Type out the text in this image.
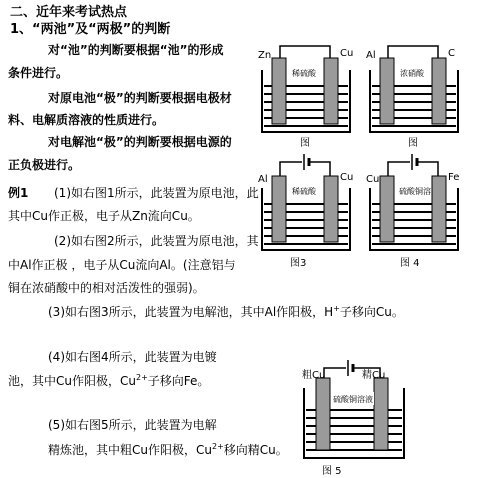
二、近年来考试热点
1、“两池”及“两极”的判断
对“池”的判断要根据“池”的形成
条件进行。
对原电池“极”的判断要根据电极材
料、电解质溶液的性质进行。
对电解池“极”的判断要根据电源的
正负极进行。
例1 (1)如右图1所示，此装置为原电池，此
其中Cu作正极，电子从Zn流向Cu。
(2)如右图2所示，此装置为原电池，其
中Al作正极 ，电子从Cu流向Al。(注意铝与
铜在浓硝酸中的相对活泼性的强弱)。
(3)如右图3所示，此装置为电解池，其中Al作阳极，H+子移向Cu。
(4)如右图4所示，此装置为电镀
池，其中Cu作阳极，$Cu^{2+}$子移向Fe。
(5)如右图5所示，此装置为电解
精炼池，其中粗Cu作阳极，$Cu^{2+}$移向精Cu。
Zn	Cu
稀硫酸
图
Al	C
浓硝酸
图
Al	Cu
稀硫酸
图3
Cu	Fe
硫酸铜溶
图 4
粗Cu	精Cu
硫酸铜溶液
图 5
